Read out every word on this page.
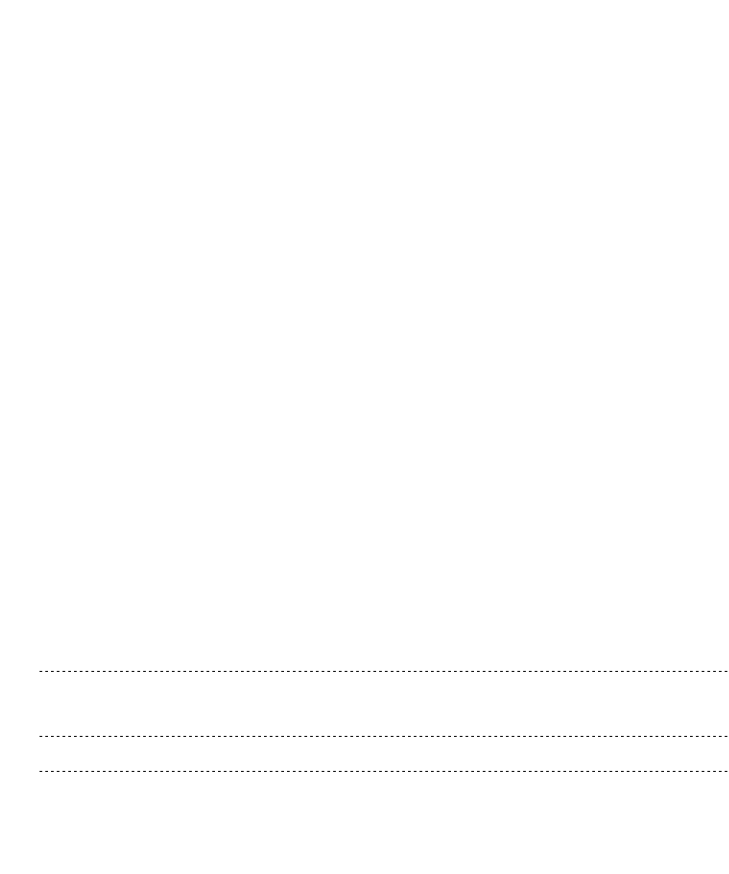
------------------------------------------------------------------------------------------------------------------------
------------------------------------------------------------------------------------------------------------------------

------------------------------------------------------------------------------------------------------------------------
